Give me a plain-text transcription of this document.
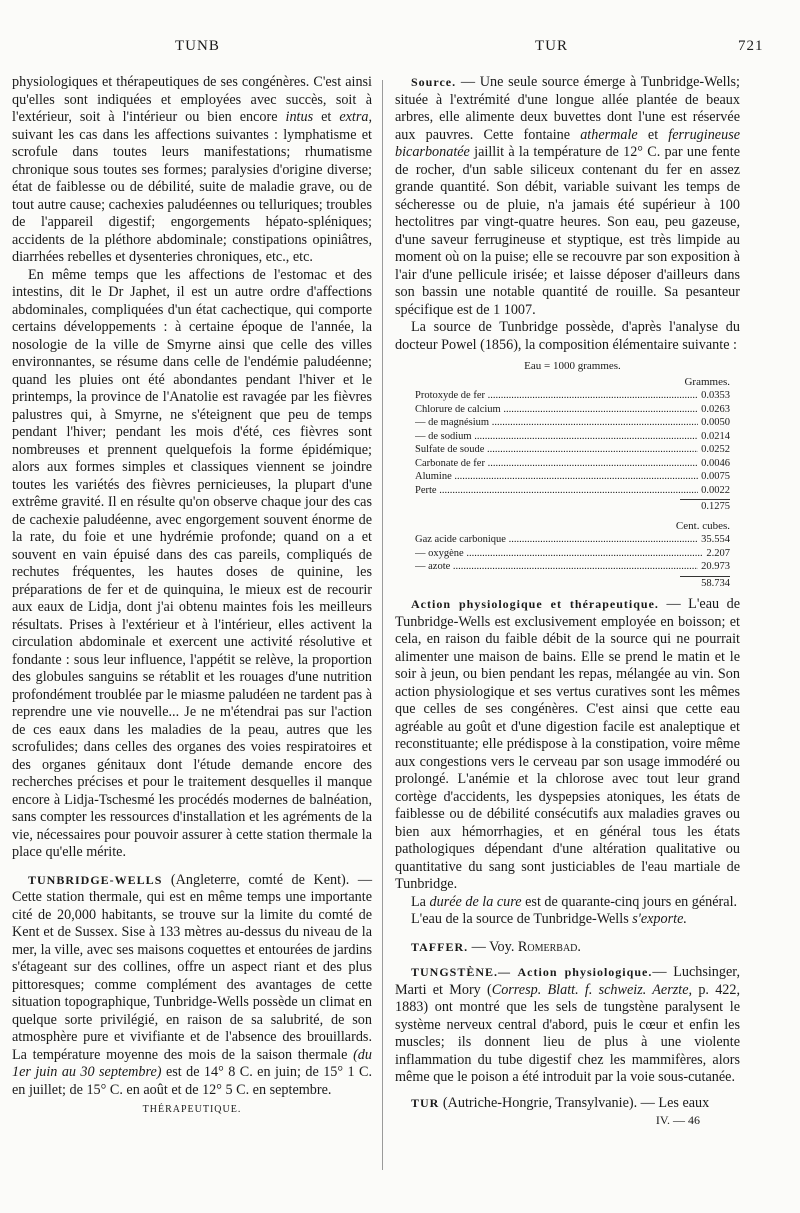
TUNB	TUR	721

physiologiques et thérapeutiques de ses congénères. C'est ainsi qu'elles sont indiquées et employées avec succès, soit à l'extérieur, soit à l'intérieur ou bien encore intus et extra, suivant les cas dans les affections suivantes : lymphatisme et scrofule dans toutes leurs manifestations; rhumatisme chronique sous toutes ses formes; paralysies d'origine diverse; état de faiblesse ou de débilité, suite de maladie grave, ou de tout autre cause; cachexies paludéennes ou telluriques; troubles de l'appareil digestif; engorgements hépato-spléniques; accidents de la pléthore abdominale; constipations opiniâtres, diarrhées rebelles et dysenteries chroniques, etc., etc.

En même temps que les affections de l'estomac et des intestins, dit le Dr Japhet, il est un autre ordre d'affections abdominales, compliquées d'un état cachectique, qui comporte certains développements : à certaine époque de l'année, la nosologie de la ville de Smyrne ainsi que celle des villes environnantes, se résume dans celle de l'endémie paludéenne; quand les pluies ont été abondantes pendant l'hiver et le printemps, la province de l'Anatolie est ravagée par les fièvres palustres qui, à Smyrne, ne s'éteignent que peu de temps pendant l'hiver; pendant les mois d'été, ces fièvres sont nombreuses et prennent quelquefois la forme épidémique; alors aux formes simples et classiques viennent se joindre toutes les variétés des fièvres pernicieuses, la plupart d'une extrême gravité. Il en résulte qu'on observe chaque jour des cas de cachexie paludéenne, avec engorgement souvent énorme de la rate, du foie et une hydrémie profonde; quand on a et souvent en vain épuisé dans des cas pareils, compliqués de rechutes fréquentes, les hautes doses de quinine, les préparations de fer et de quinquina, le mieux est de recourir aux eaux de Lidja, dont j'ai obtenu maintes fois les meilleurs résultats. Prises à l'extérieur et à l'intérieur, elles activent la circulation abdominale et exercent une activité résolutive et fondante : sous leur influence, l'appétit se relève, la proportion des globules sanguins se rétablit et les rouages d'une nutrition profondément troublée par le miasme paludéen ne tardent pas à reprendre une vie nouvelle... Je ne m'étendrai pas sur l'action de ces eaux dans les maladies de la peau, autres que les scrofulides; dans celles des organes des voies respiratoires et des organes génitaux dont l'étude demande encore des recherches précises et pour le traitement desquelles il manque encore à Lidja-Tschesmé les procédés modernes de balnéation, sans compter les ressources d'installation et les agréments de la vie, nécessaires pour pouvoir assurer à cette station thermale la place qu'elle mérite.

TUNBRIDGE-WELLS (Angleterre, comté de Kent). — Cette station thermale, qui est en même temps une importante cité de 20,000 habitants, se trouve sur la limite du comté de Kent et de Sussex. Sise à 133 mètres au-dessus du niveau de la mer, la ville, avec ses maisons coquettes et entourées de jardins s'étageant sur des collines, offre un aspect riant et des plus pittoresques; comme complément des avantages de cette situation topographique, Tunbridge-Wells possède un climat en quelque sorte privilégié, en raison de sa salubrité, de son atmosphère pure et vivifiante et de l'absence des brouillards. La température moyenne des mois de la saison thermale (du 1er juin au 30 septembre) est de 14° 8 C. en juin; de 15° 1 C. en juillet; de 15° C. en août et de 12° 5 C. en septembre.

THÉRAPEUTIQUE.

Source. — Une seule source émerge à Tunbridge-Wells; située à l'extrémité d'une longue allée plantée de beaux arbres, elle alimente deux buvettes dont l'une est réservée aux pauvres. Cette fontaine athermale et ferrugineuse bicarbonatée jaillit à la température de 12° C. par une fente de rocher, d'un sable siliceux contenant du fer en assez grande quantité. Son débit, variable suivant les temps de sécheresse ou de pluie, n'a jamais été supérieur à 100 hectolitres par vingt-quatre heures. Son eau, peu gazeuse, d'une saveur ferrugineuse et styptique, est très limpide au moment où on la puise; elle se recouvre par son exposition à l'air d'une pellicule irisée; et laisse déposer d'ailleurs dans son bassin une notable quantité de rouille. Sa pesanteur spécifique est de 1 1007.

La source de Tunbridge possède, d'après l'analyse du docteur Powel (1856), la composition élémentaire suivante :

Eau = 1000 grammes.
Grammes.
Protoxyde de fer .....	0.0353
Chlorure de calcium .....	0.0263
— de magnésium .....	0.0050
— de sodium .....	0.0214
Sulfate de soude .....	0.0252
Carbonate de fer .....	0.0046
Alumine .....	0.0075
Perte .....	0.0022
0.1275
Cent. cubes.
Gaz acide carbonique .....	35.554
— oxygène .....	2.207
— azote .....	20.973
58.734

Action physiologique et thérapeutique. — L'eau de Tunbridge-Wells est exclusivement employée en boisson; et cela, en raison du faible débit de la source qui ne pourrait alimenter une maison de bains. Elle se prend le matin et le soir à jeun, ou bien pendant les repas, mélangée au vin. Son action physiologique et ses vertus curatives sont les mêmes que celles de ses congénères. C'est ainsi que cette eau agréable au goût et d'une digestion facile est analeptique et reconstituante; elle prédispose à la constipation, voire même aux congestions vers le cerveau par son usage immodéré ou prolongé. L'anémie et la chlorose avec tout leur grand cortège d'accidents, les dyspepsies atoniques, les états de faiblesse ou de débilité consécutifs aux maladies graves ou bien aux hémorrhagies, et en général tous les états pathologiques dépendant d'une altération qualitative ou quantitative du sang sont justiciables de l'eau martiale de Tunbridge.

La durée de la cure est de quarante-cinq jours en général.

L'eau de la source de Tunbridge-Wells s'exporte.

TAFFER. — Voy. Romerbad.

TUNGSTÈNE.— Action physiologique.— Luchsinger, Marti et Mory (Corresp. Blatt. f. schweiz. Aerzte, p. 422, 1883) ont montré que les sels de tungstène paralysent le système nerveux central d'abord, puis le cœur et enfin les muscles; ils donnent lieu de plus à une violente inflammation du tube digestif chez les mammifères, alors même que le poison a été introduit par la voie sous-cutanée.

TUR (Autriche-Hongrie, Transylvanie). — Les eaux

IV. — 46
